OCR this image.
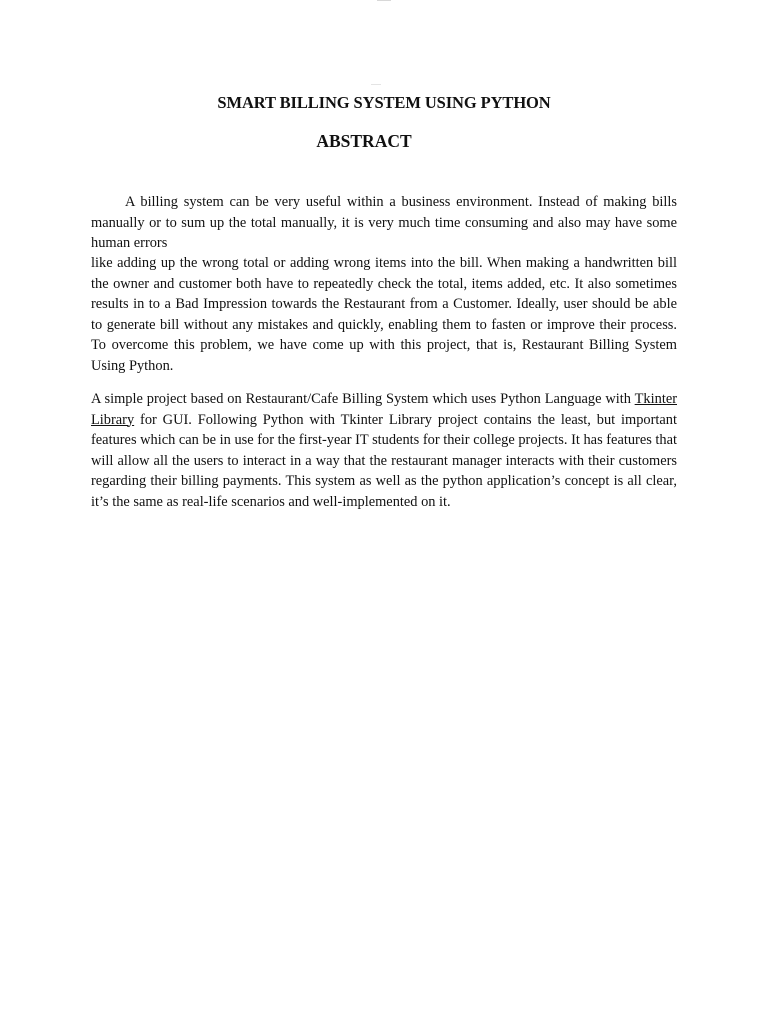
SMART BILLING SYSTEM USING PYTHON
ABSTRACT

A billing system can be very useful within a business environment. Instead of making bills manually or to sum up the total manually, it is very much time consuming and also may have some human errors

like adding up the wrong total or adding wrong items into the bill. When making a handwritten bill the owner and customer both have to repeatedly check the total, items added, etc. It also sometimes results in to a Bad Impression towards the Restaurant from a Customer. Ideally, user should be able to generate bill without any mistakes and quickly, enabling them to fasten or improve their process. To overcome this problem, we have come up with this project, that is, Restaurant Billing System Using Python.

A simple project based on Restaurant/Cafe Billing System which uses Python Language with Tkinter Library for GUI. Following Python with Tkinter Library project contains the least, but important features which can be in use for the first-year IT students for their college projects. It has features that will allow all the users to interact in a way that the restaurant manager interacts with their customers regarding their billing payments. This system as well as the python application’s concept is all clear, it’s the same as real-life scenarios and well-implemented on it.
